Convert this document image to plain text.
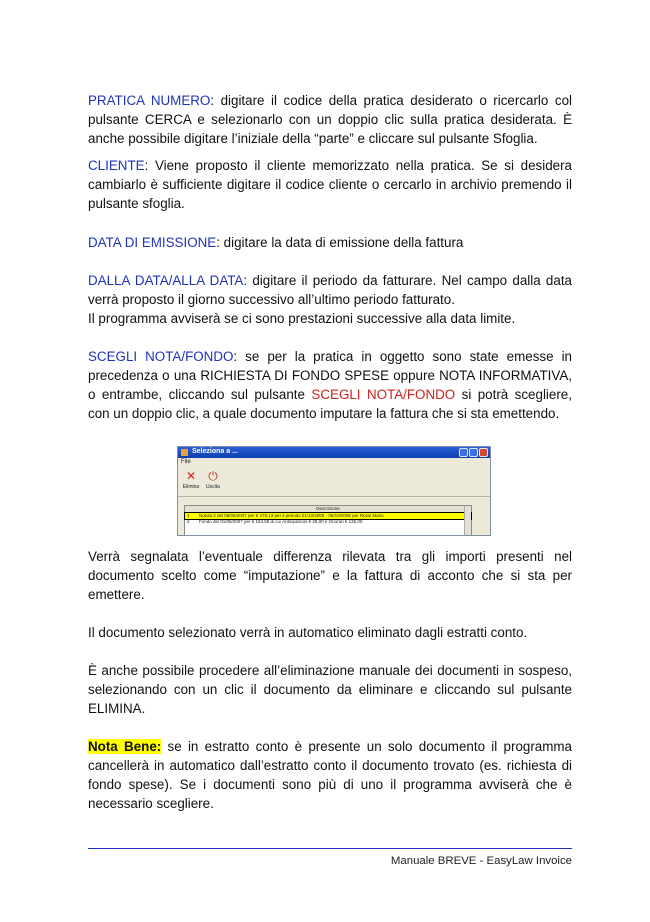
PRATICA NUMERO: digitare il codice della pratica desiderato o ricercarlo col pulsante CERCA e selezionarlo con un doppio clic sulla pratica desiderata. È anche possibile digitare l’iniziale della “parte” e cliccare sul pulsante Sfoglia.

CLIENTE: Viene proposto il cliente memorizzato nella pratica. Se si desidera cambiarlo è sufficiente digitare il codice cliente o cercarlo in archivio premendo il pulsante sfoglia.

DATA DI EMISSIONE: digitare la data di emissione della fattura

DALLA DATA/ALLA DATA: digitare il periodo da fatturare. Nel campo dalla data verrà proposto il giorno successivo all’ultimo periodo fatturato.
Il programma avviserà se ci sono prestazioni successive alla data limite.

SCEGLI NOTA/FONDO: se per la pratica in oggetto sono state emesse in precedenza o una RICHIESTA DI FONDO SPESE oppure NOTA INFORMATIVA, o entrambe, cliccando sul pulsante SCEGLI NOTA/FONDO si potrà scegliere, con un doppio clic, a quale documento imputare la fattura che si sta emettendo.

Verrà segnalata l’eventuale differenza rilevata tra gli importi presenti nel documento scelto come “imputazione” e la fattura di acconto che si sta per emettere.

Il documento selezionato verrà in automatico eliminato dagli estratti conto.

È anche possibile procedere all’eliminazione manuale dei documenti in sospeso, selezionando con un clic il documento da eliminare e cliccando sul pulsante ELIMINA.

Nota Bene: se in estratto conto è presente un solo documento il programma cancellerà in automatico dall’estratto conto il documento trovato (es. richiesta di fondo spese). Se i documenti sono più di uno il programma avviserà che è necessario scegliere.

Seleziona a ...
File
✕
Elimina
⏻
Uscita
Descrizione
1 Notula 2 del 05/06/2007 per € 479,13 per il periodo 01/10/2006 - 05/10/2006 per Rossi Mario
2 Fondo del 01/08/2007 per € 164,59 di cui Anticipazioni € 28,00 e Onorari € 136,00
Manuale BREVE - EasyLaw Invoice
